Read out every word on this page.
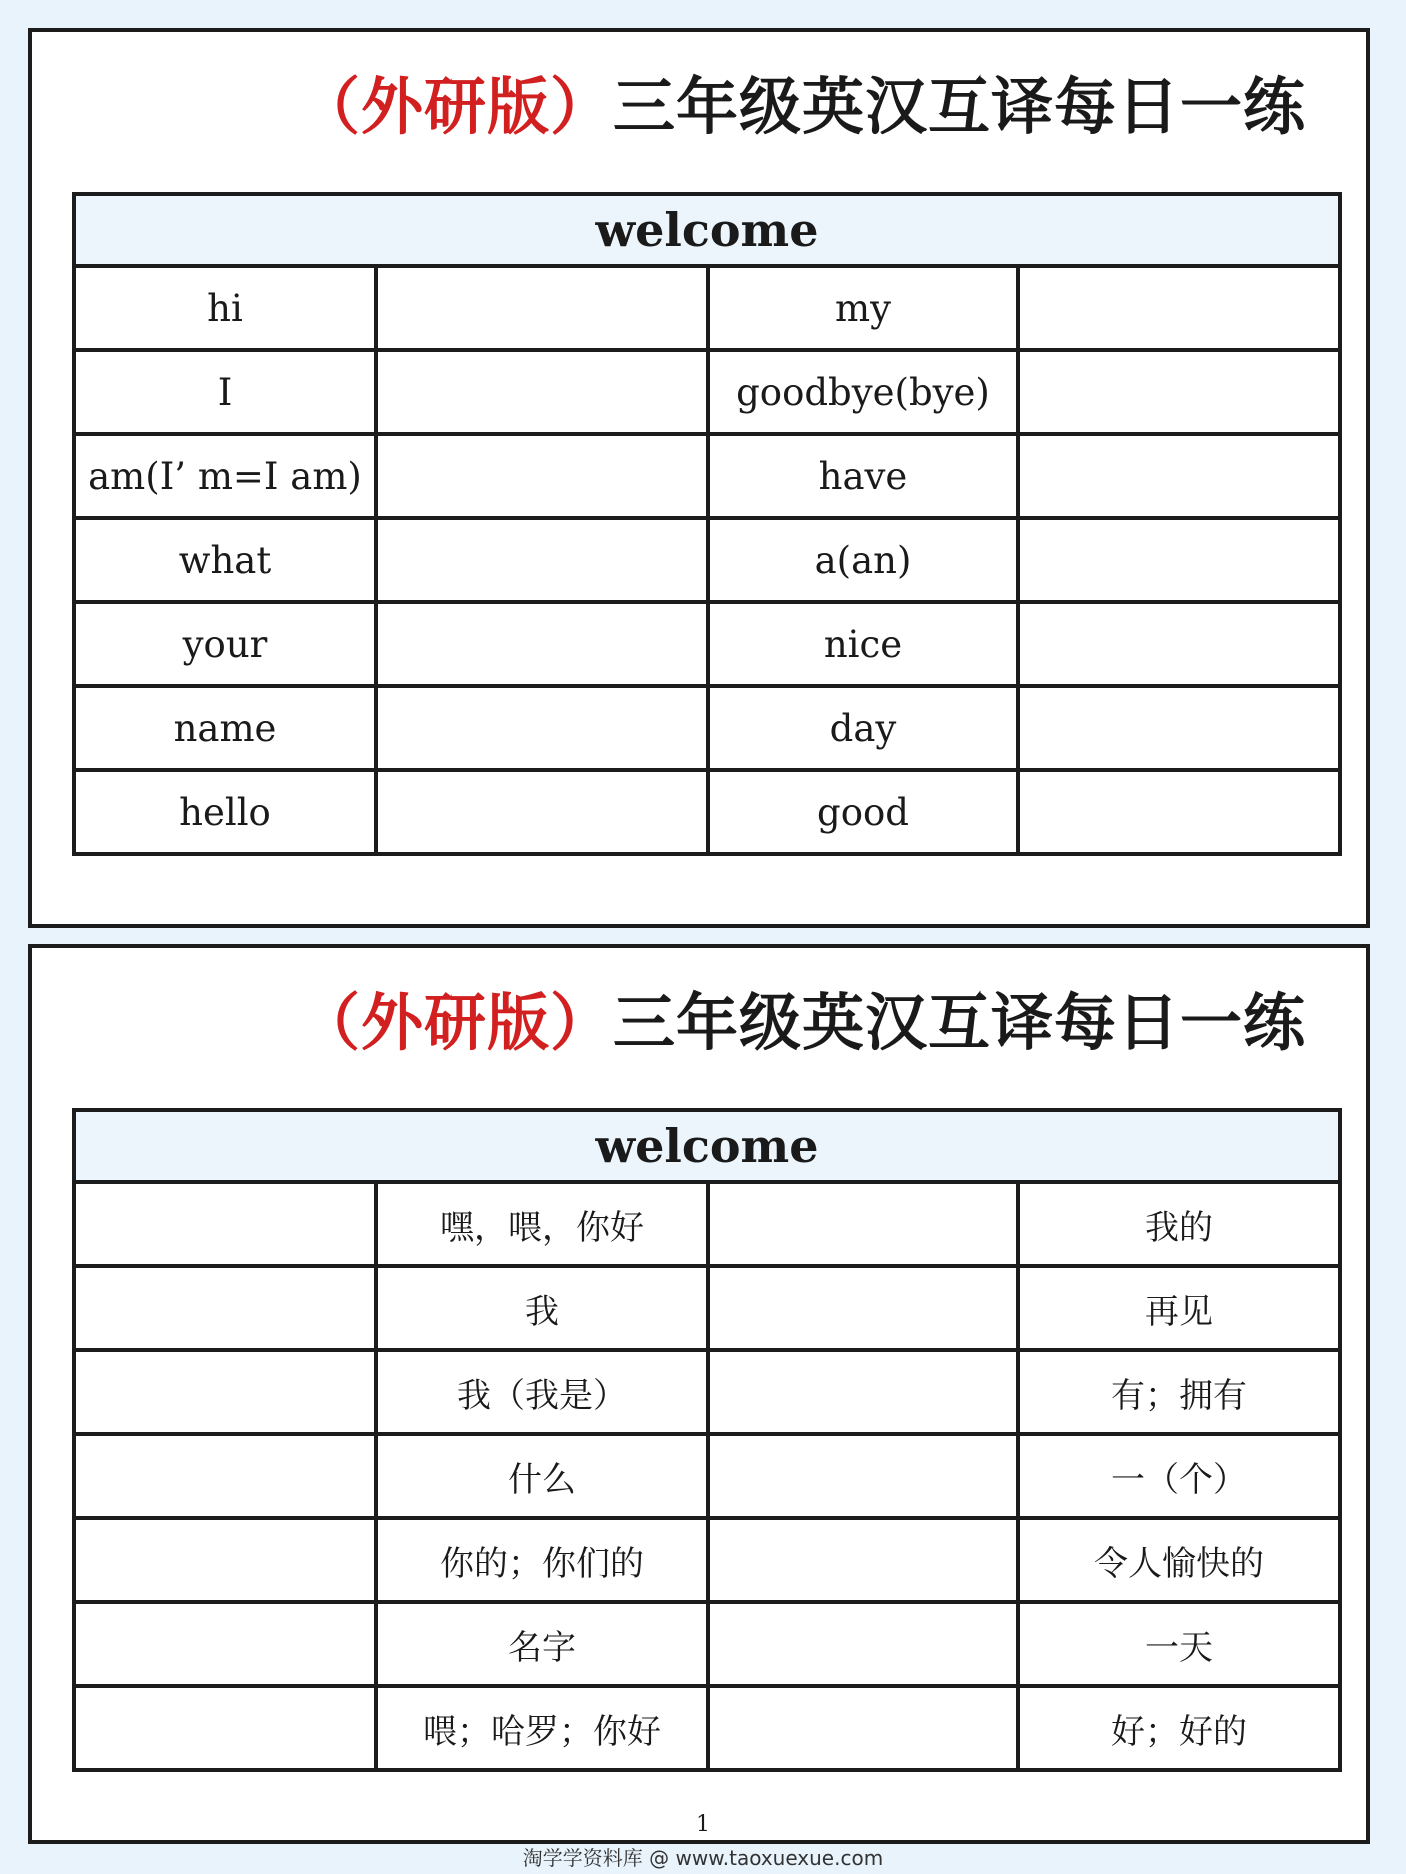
（外研版）三年级英汉互译每日一练
welcome			
hi		my	
I		goodbye(bye)	
am(I’ m=I am)		have	
what		a(an)	
your		nice	
name		day	
hello		good	
（外研版）三年级英汉互译每日一练
welcome			
	嘿，喂，你好		我的
	我		再见
	我（我是）		有；拥有
	什么		一（个）
	你的；你们的		令人愉快的
	名字		一天
	喂；哈罗；你好		好；好的
1
淘学学资料库 @ www.taoxuexue.com
